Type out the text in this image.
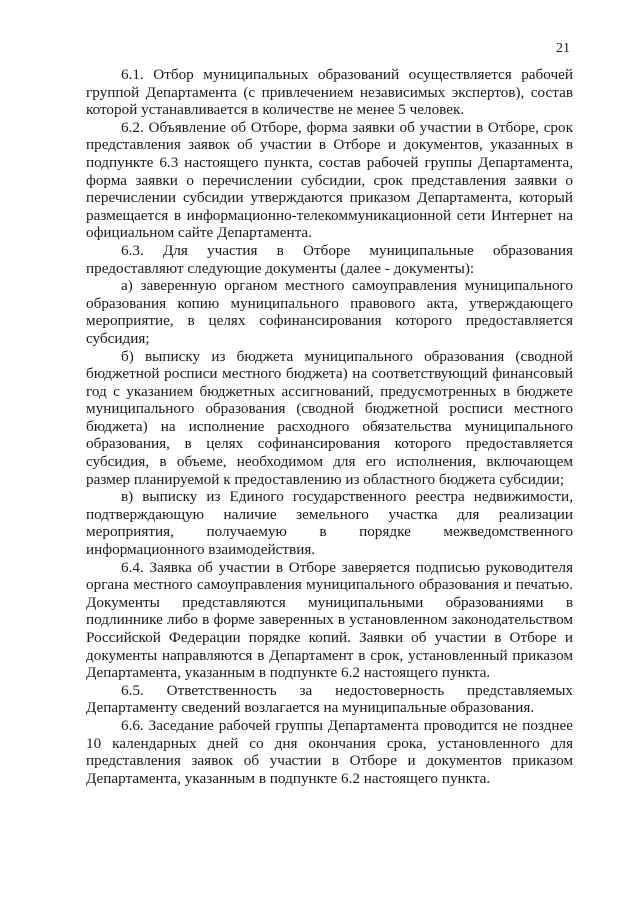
21

6.1. Отбор муниципальных образований осуществляется рабочей группой Департамента (с привлечением независимых экспертов), состав которой устанавливается в количестве не менее 5 человек.

6.2. Объявление об Отборе, форма заявки об участии в Отборе, срок представления заявок об участии в Отборе и документов, указанных в подпункте 6.3 настоящего пункта, состав рабочей группы Департамента, форма заявки о перечислении субсидии, срок представления заявки о перечислении субсидии утверждаются приказом Департамента, который размещается в информационно-телекоммуникационной сети Интернет на официальном сайте Департамента.

6.3. Для участия в Отборе муниципальные образования предоставляют следующие документы (далее - документы):

а) заверенную органом местного самоуправления муниципального образования копию муниципального правового акта, утверждающего мероприятие, в целях софинансирования которого предоставляется субсидия;

б) выписку из бюджета муниципального образования (сводной бюджетной росписи местного бюджета) на соответствующий финансовый год с указанием бюджетных ассигнований, предусмотренных в бюджете муниципального образования (сводной бюджетной росписи местного бюджета) на исполнение расходного обязательства муниципального образования, в целях софинансирования которого предоставляется субсидия, в объеме, необходимом для его исполнения, включающем размер планируемой к предоставлению из областного бюджета субсидии;

в) выписку из Единого государственного реестра недвижимости, подтверждающую наличие земельного участка для реализации мероприятия, получаемую в порядке межведомственного информационного взаимодействия.

6.4. Заявка об участии в Отборе заверяется подписью руководителя органа местного самоуправления муниципального образования и печатью. Документы представляются муниципальными образованиями в подлиннике либо в форме заверенных в установленном законодательством Российской Федерации порядке копий. Заявки об участии в Отборе и документы направляются в Департамент в срок, установленный приказом Департамента, указанным в подпункте 6.2 настоящего пункта.

6.5. Ответственность за недостоверность представляемых Департаменту сведений возлагается на муниципальные образования.

6.6. Заседание рабочей группы Департамента проводится не позднее 10 календарных дней со дня окончания срока, установленного для представления заявок об участии в Отборе и документов приказом Департамента, указанным в подпункте 6.2 настоящего пункта.
